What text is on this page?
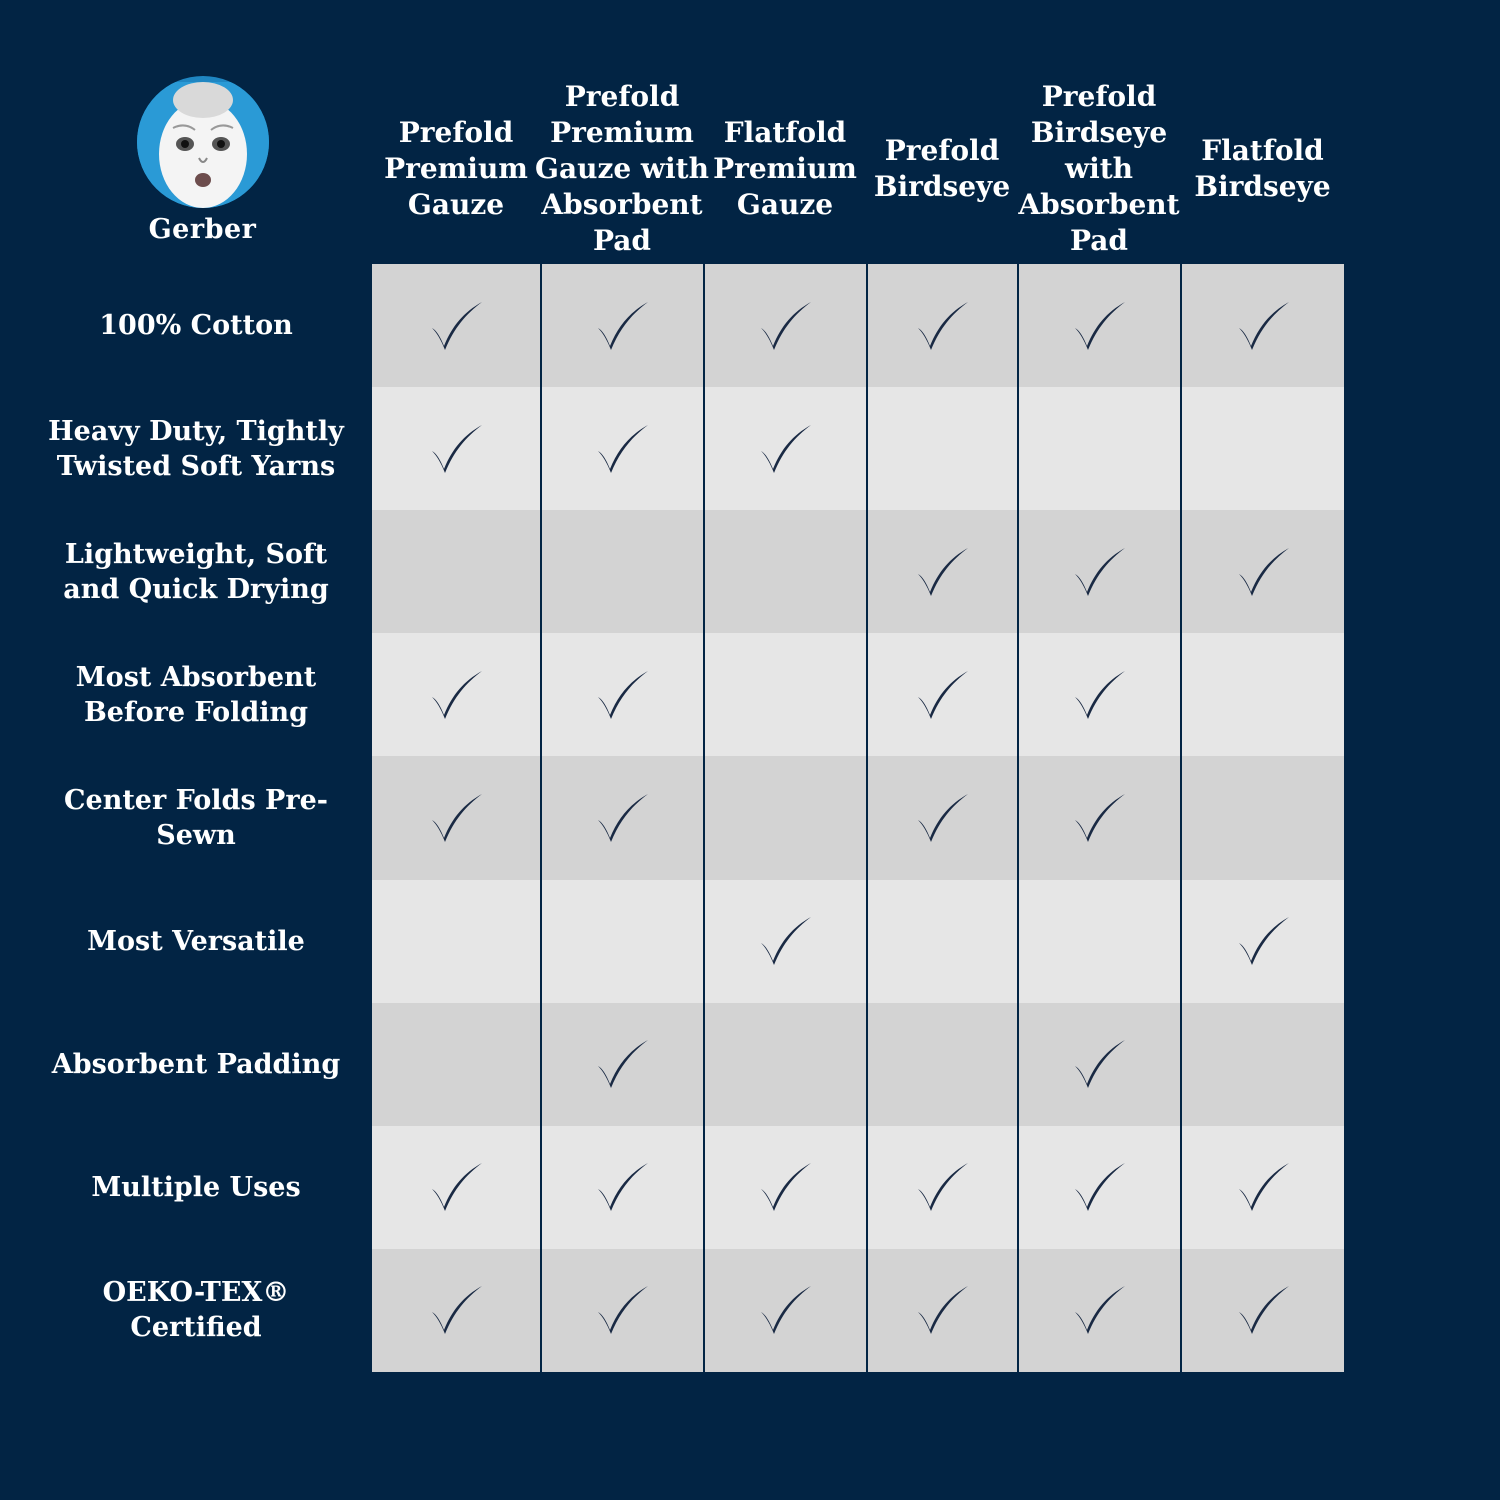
Gerber
Prefold Premium Gauze
Prefold Premium Gauze with Absorbent Pad
Flatfold Premium Gauze
Prefold Birdseye
Prefold Birdseye with Absorbent Pad
Flatfold Birdseye
100% Cotton
Heavy Duty, Tightly Twisted Soft Yarns
Lightweight, Soft and Quick Drying
Most Absorbent Before Folding
Center Folds Pre-Sewn
Most Versatile
Absorbent Padding
Multiple Uses
OEKO-TEX® Certified
